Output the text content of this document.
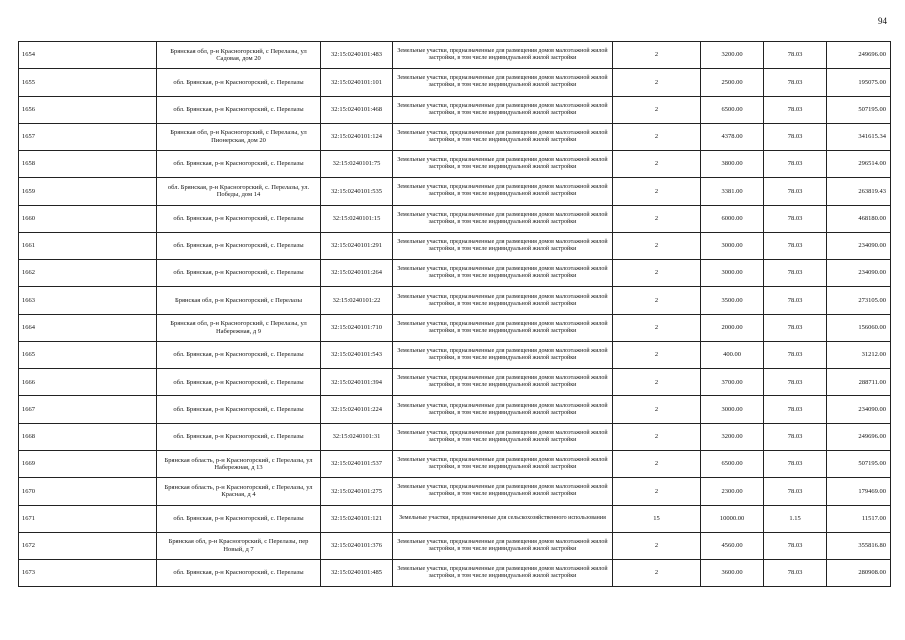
94
1654	Брянская обл, р-н Красногорский, с Перелазы, ул Садовая, дом 20	32:15:0240101:483	Земельные участки, предназначенные для размещения домов малоэтажной жилой застройки, в том числе индивидуальной жилой застройки	2	3200.00	78.03	249696.00
1655	обл. Брянская, р-н Красногорский, с. Перелазы	32:15:0240101:101	Земельные участки, предназначенные для размещения домов малоэтажной жилой застройки, в том числе индивидуальной жилой застройки	2	2500.00	78.03	195075.00
1656	обл. Брянская, р-н Красногорский, с. Перелазы	32:15:0240101:468	Земельные участки, предназначенные для размещения домов малоэтажной жилой застройки, в том числе индивидуальной жилой застройки	2	6500.00	78.03	507195.00
1657	Брянская обл, р-н Красногорский, с Перелазы, ул Пионерская, дом 20	32:15:0240101:124	Земельные участки, предназначенные для размещения домов малоэтажной жилой застройки, в том числе индивидуальной жилой застройки	2	4378.00	78.03	341615.34
1658	обл. Брянская, р-н Красногорский, с. Перелазы	32:15:0240101:75	Земельные участки, предназначенные для размещения домов малоэтажной жилой застройки, в том числе индивидуальной жилой застройки	2	3800.00	78.03	296514.00
1659	обл. Брянская, р-н Красногорский, с. Перелазы, ул. Победы, дом 14	32:15:0240101:535	Земельные участки, предназначенные для размещения домов малоэтажной жилой застройки, в том числе индивидуальной жилой застройки	2	3381.00	78.03	263819.43
1660	обл. Брянская, р-н Красногорский, с. Перелазы	32:15:0240101:15	Земельные участки, предназначенные для размещения домов малоэтажной жилой застройки, в том числе индивидуальной жилой застройки	2	6000.00	78.03	468180.00
1661	обл. Брянская, р-н Красногорский, с. Перелазы	32:15:0240101:291	Земельные участки, предназначенные для размещения домов малоэтажной жилой застройки, в том числе индивидуальной жилой застройки	2	3000.00	78.03	234090.00
1662	обл. Брянская, р-н Красногорский, с. Перелазы	32:15:0240101:264	Земельные участки, предназначенные для размещения домов малоэтажной жилой застройки, в том числе индивидуальной жилой застройки	2	3000.00	78.03	234090.00
1663	Брянская обл, р-н Красногорский, с Перелазы	32:15:0240101:22	Земельные участки, предназначенные для размещения домов малоэтажной жилой застройки, в том числе индивидуальной жилой застройки	2	3500.00	78.03	273105.00
1664	Брянская обл, р-н Красногорский, с Перелазы, ул Набережная, д 9	32:15:0240101:710	Земельные участки, предназначенные для размещения домов малоэтажной жилой застройки, в том числе индивидуальной жилой застройки	2	2000.00	78.03	156060.00
1665	обл. Брянская, р-н Красногорский, с. Перелазы	32:15:0240101:543	Земельные участки, предназначенные для размещения домов малоэтажной жилой застройки, в том числе индивидуальной жилой застройки	2	400.00	78.03	31212.00
1666	обл. Брянская, р-н Красногорский, с. Перелазы	32:15:0240101:394	Земельные участки, предназначенные для размещения домов малоэтажной жилой застройки, в том числе индивидуальной жилой застройки	2	3700.00	78.03	288711.00
1667	обл. Брянская, р-н Красногорский, с. Перелазы	32:15:0240101:224	Земельные участки, предназначенные для размещения домов малоэтажной жилой застройки, в том числе индивидуальной жилой застройки	2	3000.00	78.03	234090.00
1668	обл. Брянская, р-н Красногорский, с. Перелазы	32:15:0240101:31	Земельные участки, предназначенные для размещения домов малоэтажной жилой застройки, в том числе индивидуальной жилой застройки	2	3200.00	78.03	249696.00
1669	Брянская область, р-н Красногорский, с Перелазы, ул Набережная, д 13	32:15:0240101:537	Земельные участки, предназначенные для размещения домов малоэтажной жилой застройки, в том числе индивидуальной жилой застройки	2	6500.00	78.03	507195.00
1670	Брянская область, р-н Красногорский, с Перелазы, ул Красная, д 4	32:15:0240101:275	Земельные участки, предназначенные для размещения домов малоэтажной жилой застройки, в том числе индивидуальной жилой застройки	2	2300.00	78.03	179469.00
1671	обл. Брянская, р-н Красногорский, с. Перелазы	32:15:0240101:121	Земельные участки, предназначенные для сельскохозяйственного использования	15	10000.00	1.15	11517.00
1672	Брянская обл, р-н Красногорский, с Перелазы, пер Новый, д 7	32:15:0240101:376	Земельные участки, предназначенные для размещения домов малоэтажной жилой застройки, в том числе индивидуальной жилой застройки	2	4560.00	78.03	355816.80
1673	обл. Брянская, р-н Красногорский, с. Перелазы	32:15:0240101:485	Земельные участки, предназначенные для размещения домов малоэтажной жилой застройки, в том числе индивидуальной жилой застройки	2	3600.00	78.03	280908.00
